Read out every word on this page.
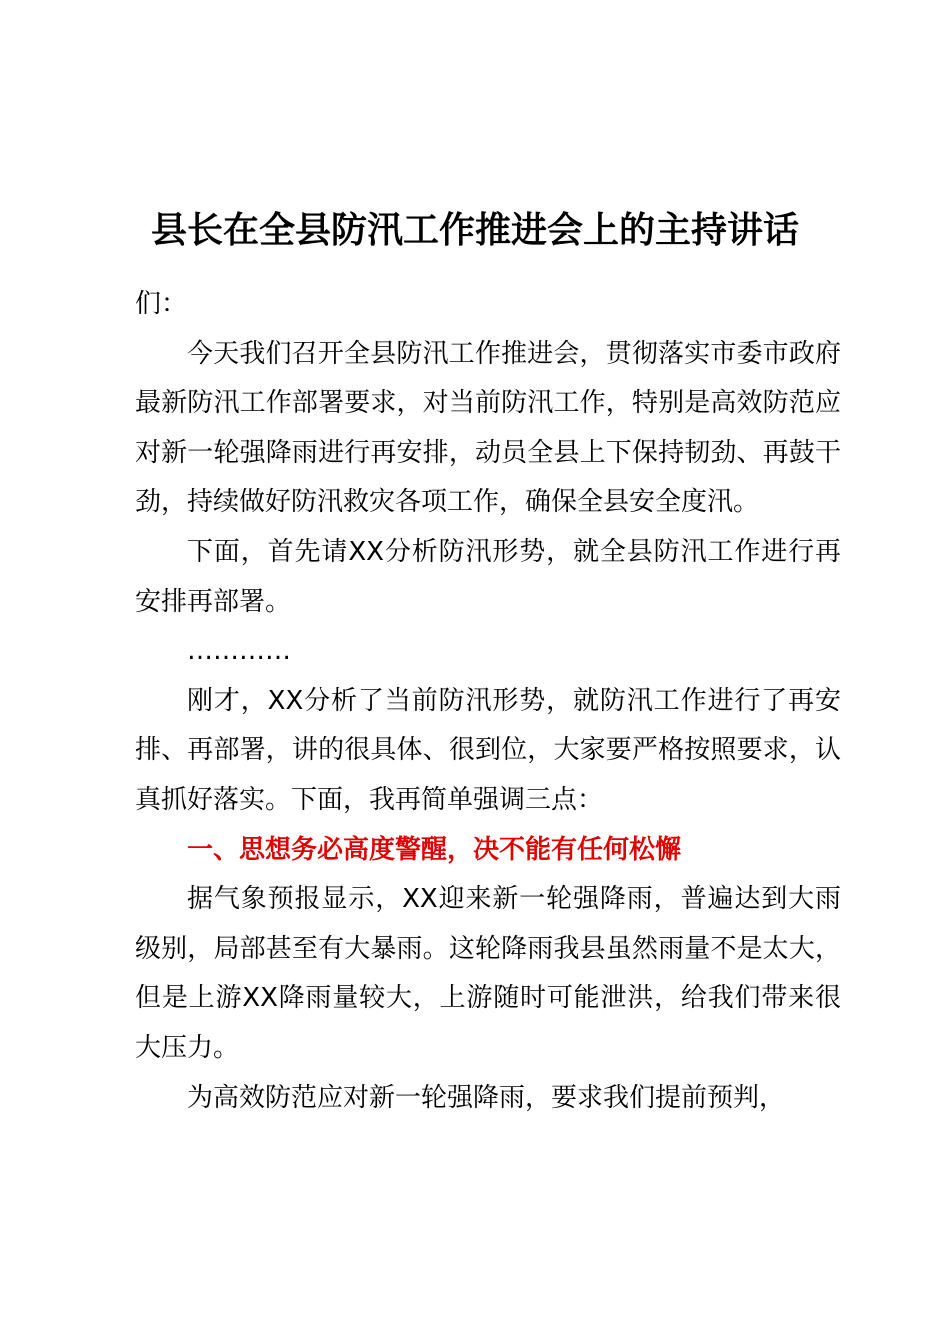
县长在全县防汛工作推进会上的主持讲话

们：

今天我们召开全县防汛工作推进会，贯彻落实市委市政府最新防汛工作部署要求，对当前防汛工作，特别是高效防范应对新一轮强降雨进行再安排，动员全县上下保持韧劲、再鼓干劲，持续做好防汛救灾各项工作，确保全县安全度汛。

下面，首先请XX分析防汛形势，就全县防汛工作进行再安排再部署。

…………

刚才，XX分析了当前防汛形势，就防汛工作进行了再安排、再部署，讲的很具体、很到位，大家要严格按照要求，认真抓好落实。下面，我再简单强调三点：

一、思想务必高度警醒，决不能有任何松懈

据气象预报显示，XX迎来新一轮强降雨，普遍达到大雨级别，局部甚至有大暴雨。这轮降雨我县虽然雨量不是太大，但是上游XX降雨量较大，上游随时可能泄洪，给我们带来很大压力。

为高效防范应对新一轮强降雨，要求我们提前预判，
